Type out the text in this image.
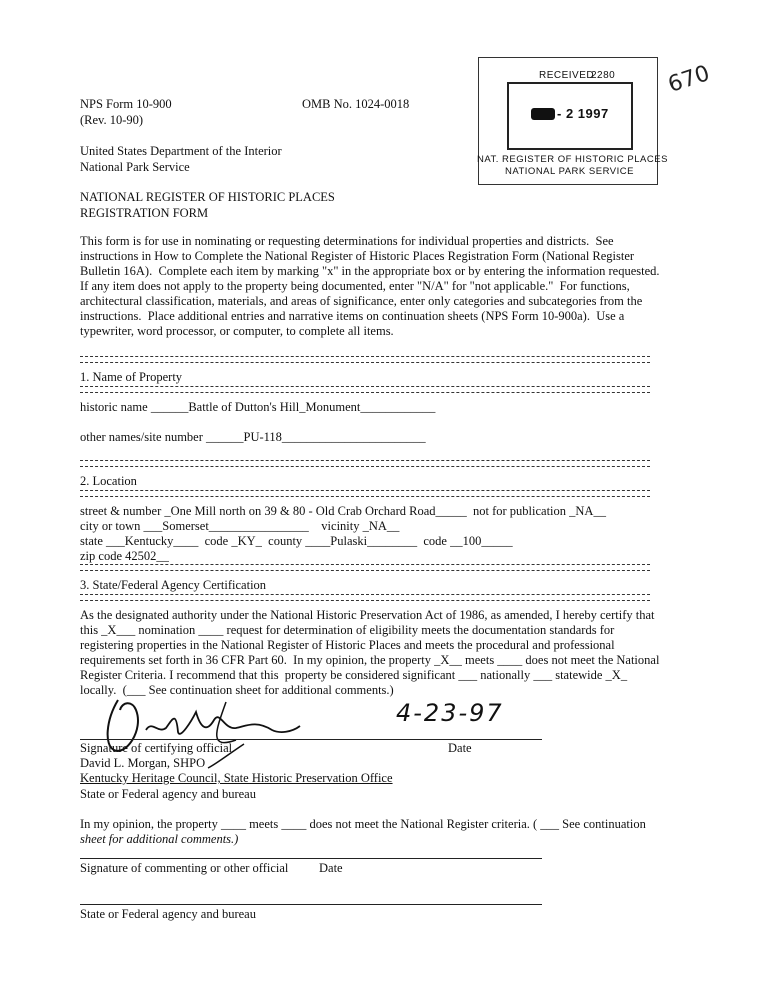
NPS Form 10-900
(Rev. 10-90)
OMB No. 1024-0018
United States Department of the Interior
National Park Service
NATIONAL REGISTER OF HISTORIC PLACES
REGISTRATION FORM
RECEIVED
2280
- 2 1997
NAT. REGISTER OF HISTORIC PLACES
NATIONAL PARK SERVICE
670
This form is for use in nominating or requesting determinations for individual properties and districts.  See
instructions in How to Complete the National Register of Historic Places Registration Form (National Register
Bulletin 16A).  Complete each item by marking "x" in the appropriate box or by entering the information requested.
If any item does not apply to the property being documented, enter "N/A" for "not applicable."  For functions,
architectural classification, materials, and areas of significance, enter only categories and subcategories from the
instructions.  Place additional entries and narrative items on continuation sheets (NPS Form 10-900a).  Use a
typewriter, word processor, or computer, to complete all items.
1. Name of Property
historic name ______Battle of Dutton's Hill_Monument____________
other names/site number ______PU-118_______________________
2. Location
street & number _One Mill north on 39 & 80 - Old Crab Orchard Road_____  not for publication _NA__
city or town ___Somerset________________    vicinity _NA__
state ___Kentucky____  code _KY_  county ____Pulaski________  code __100_____
zip code 42502__
3. State/Federal Agency Certification
As the designated authority under the National Historic Preservation Act of 1986, as amended, I hereby certify that
this _X___ nomination ____ request for determination of eligibility meets the documentation standards for
registering properties in the National Register of Historic Places and meets the procedural and professional
requirements set forth in 36 CFR Part 60.  In my opinion, the property _X__ meets ____ does not meet the National
Register Criteria. I recommend that this  property be considered significant ___ nationally ___ statewide _X_
locally.  (___ See continuation sheet for additional comments.)
4-23-97
Signature of certifying official	Date
David L. Morgan, SHPO
Kentucky Heritage Council, State Historic Preservation Office
State or Federal agency and bureau
In my opinion, the property ____ meets ____ does not meet the National Register criteria. ( ___ See continuation
sheet for additional comments.)
Signature of commenting or other official Date
State or Federal agency and bureau
